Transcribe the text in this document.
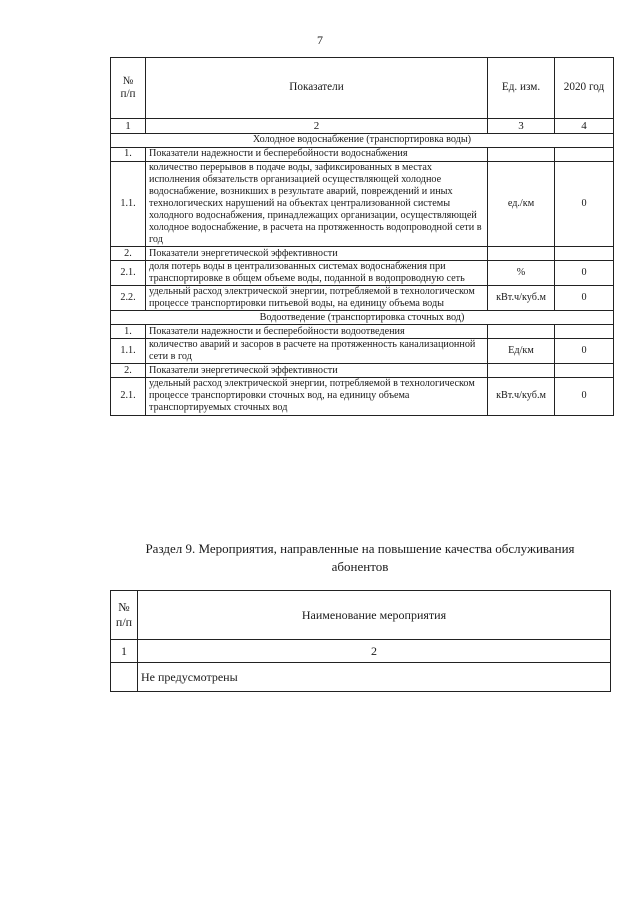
7
№
п/п	Показатели	Ед. изм.	2020 год
1	2	3	4
Холодное водоснабжение (транспортировка воды)			
1.	Показатели надежности и бесперебойности водоснабжения		
1.1.	количество перерывов в подаче воды, зафиксированных в местах исполнения обязательств организацией осуществляющей холодное водоснабжение, возникших в результате аварий, повреждений и иных технологических нарушений на объектах централизованной системы холодного водоснабжения, принадлежащих организации, осуществляющей холодное водоснабжение, в расчета на протяженность водопроводной сети в год	ед./км	0
2.	Показатели энергетической эффективности		
2.1.	доля потерь воды в централизованных системах водоснабжения при транспортировке в общем объеме воды, поданной в водопроводную сеть	%	0
2.2.	удельный расход электрической энергии, потребляемой в технологическом процессе транспортировки питьевой воды, на единицу объема воды	кВт.ч/куб.м	0
Водоотведение (транспортировка сточных вод)			
1.	Показатели надежности и бесперебойности водоотведения		
1.1.	количество аварий и засоров в расчете на протяженность канализационной сети в год	Ед/км	0
2.	Показатели энергетической эффективности		
2.1.	удельный расход электрической энергии, потребляемой в технологическом процессе транспортировки сточных вод, на единицу объема транспортируемых сточных вод	кВт.ч/куб.м	0
Раздел 9. Мероприятия, направленные на повышение качества обслуживания абонентов
№
п/п	Наименование мероприятия
1	2
	Не предусмотрены
